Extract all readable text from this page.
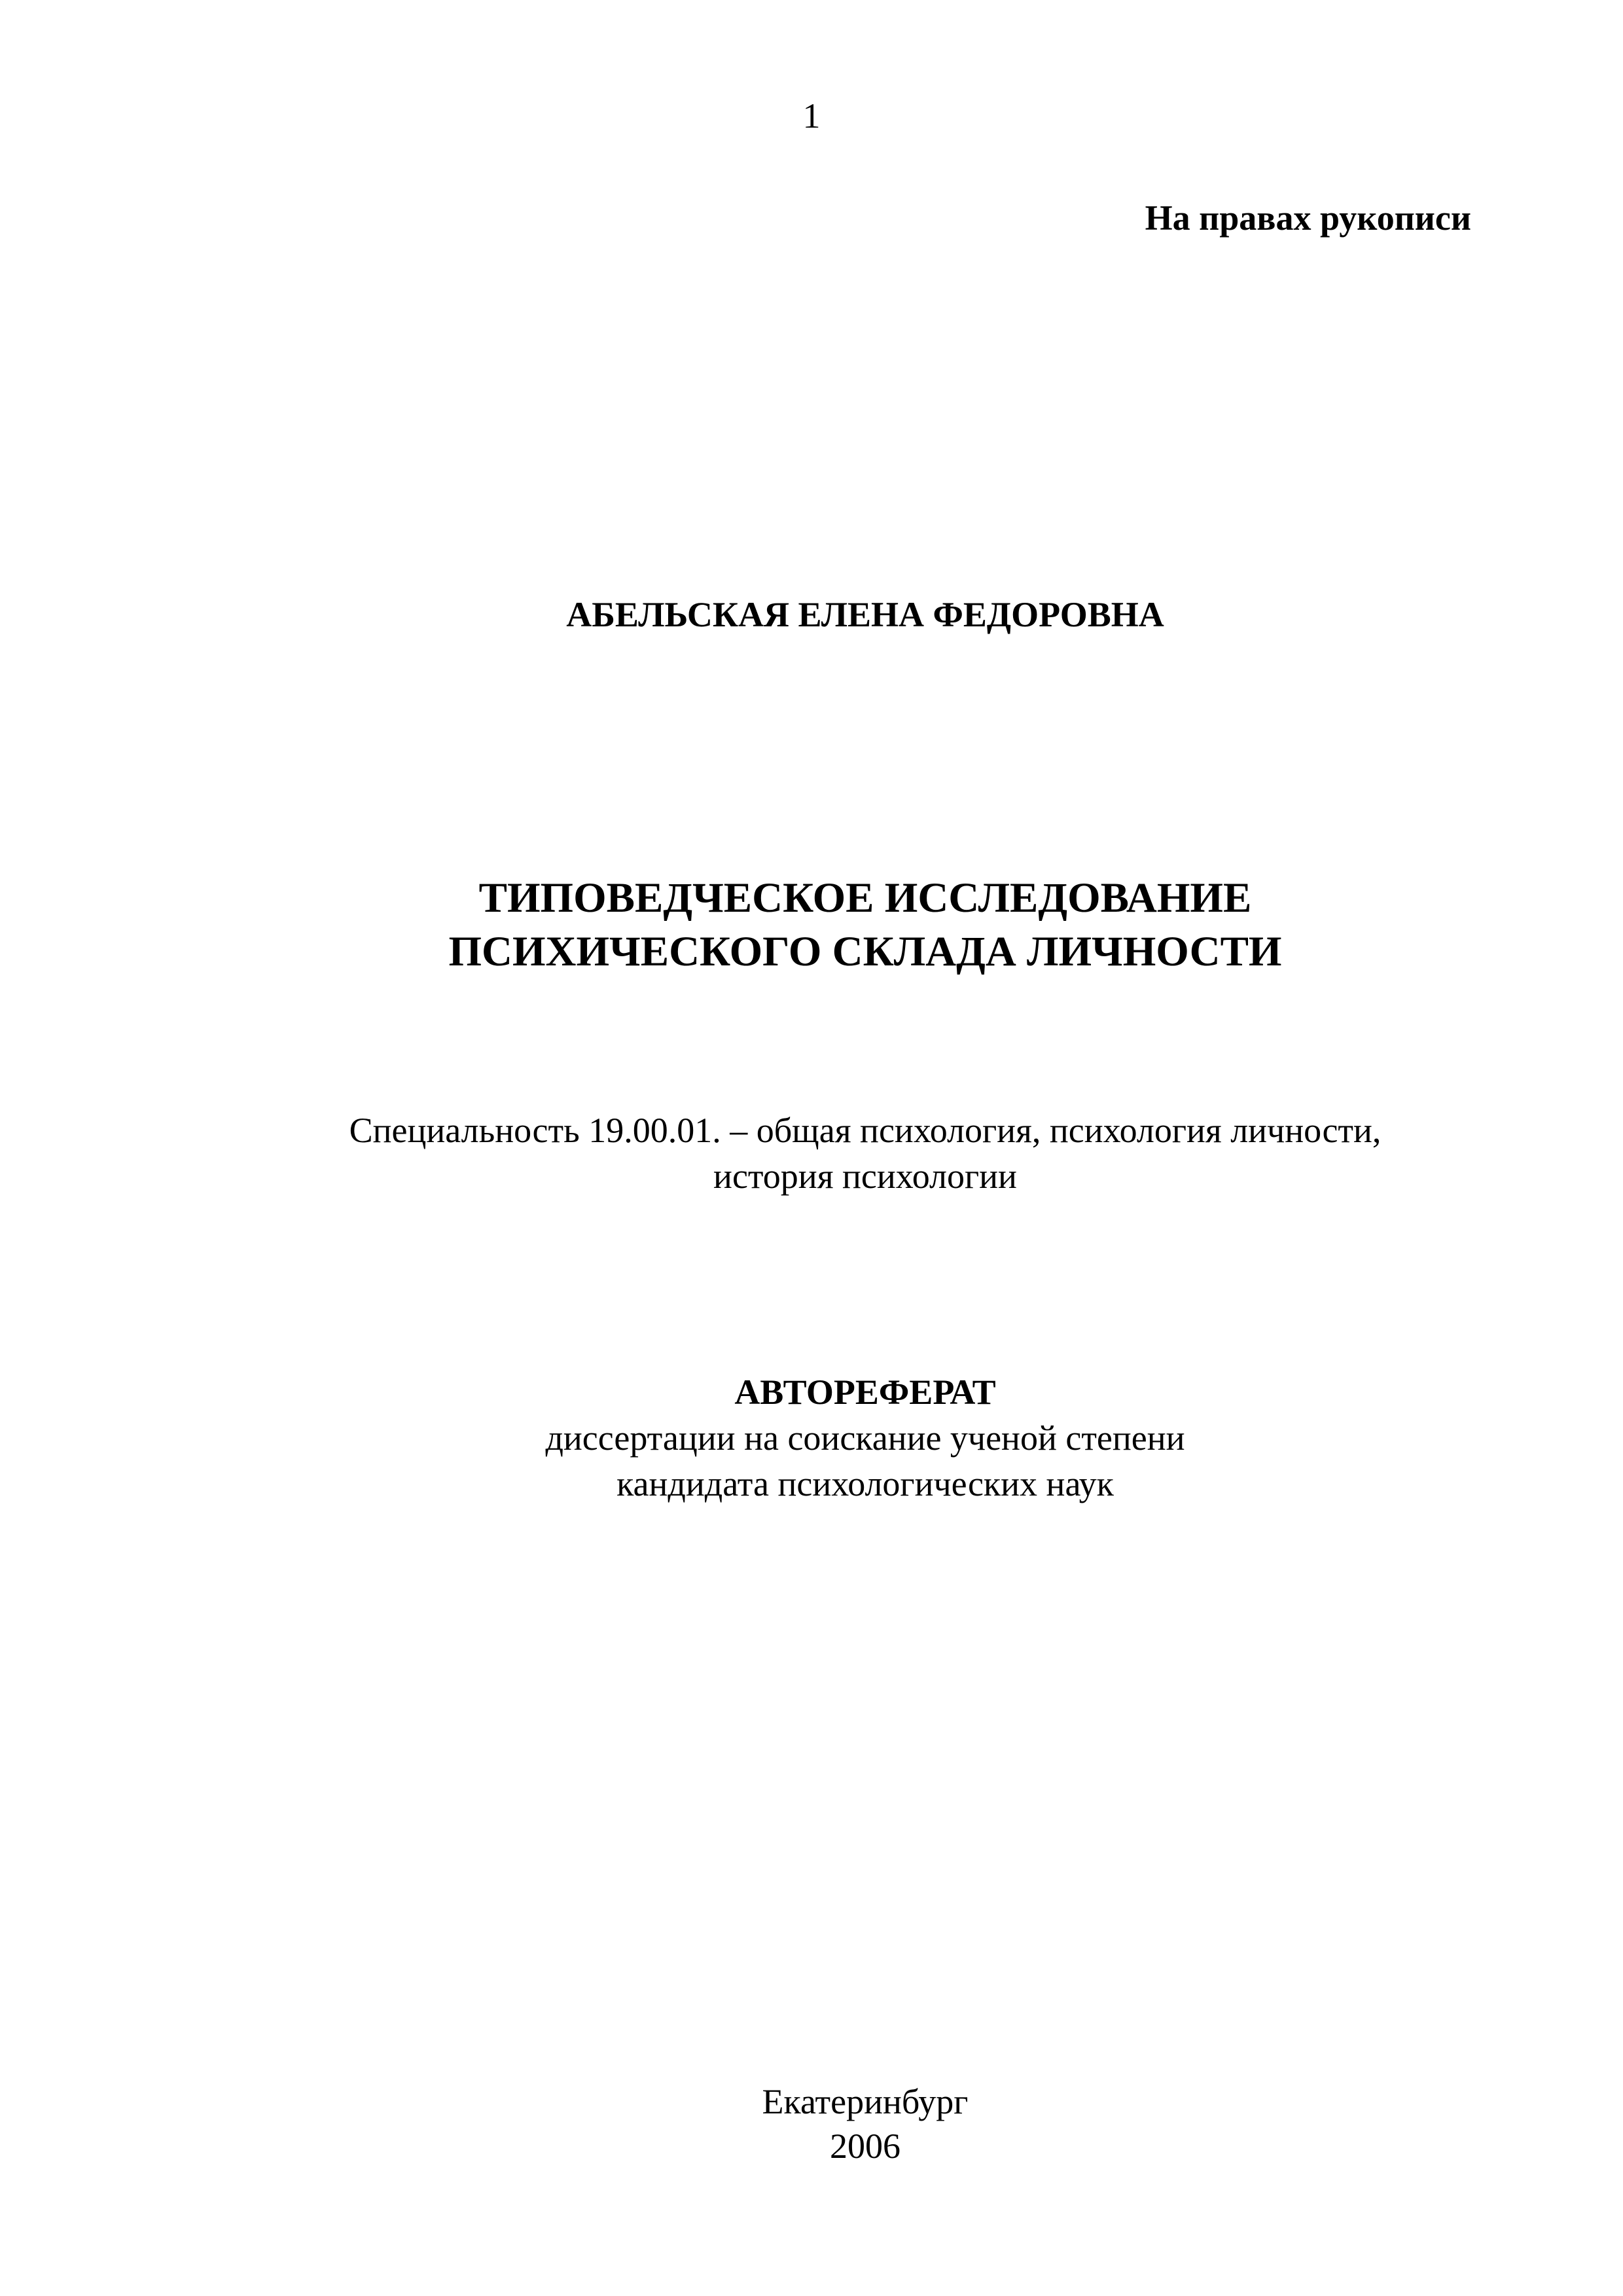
1
На правах рукописи
АБЕЛЬСКАЯ ЕЛЕНА ФЕДОРОВНА
ТИПОВЕДЧЕСКОЕ ИССЛЕДОВАНИЕ
ПСИХИЧЕСКОГО СКЛАДА ЛИЧНОСТИ
Специальность 19.00.01. – общая психология, психология личности,
история психологии
АВТОРЕФЕРАТ
диссертации на соискание ученой степени
кандидата психологических наук
Екатеринбург
2006
